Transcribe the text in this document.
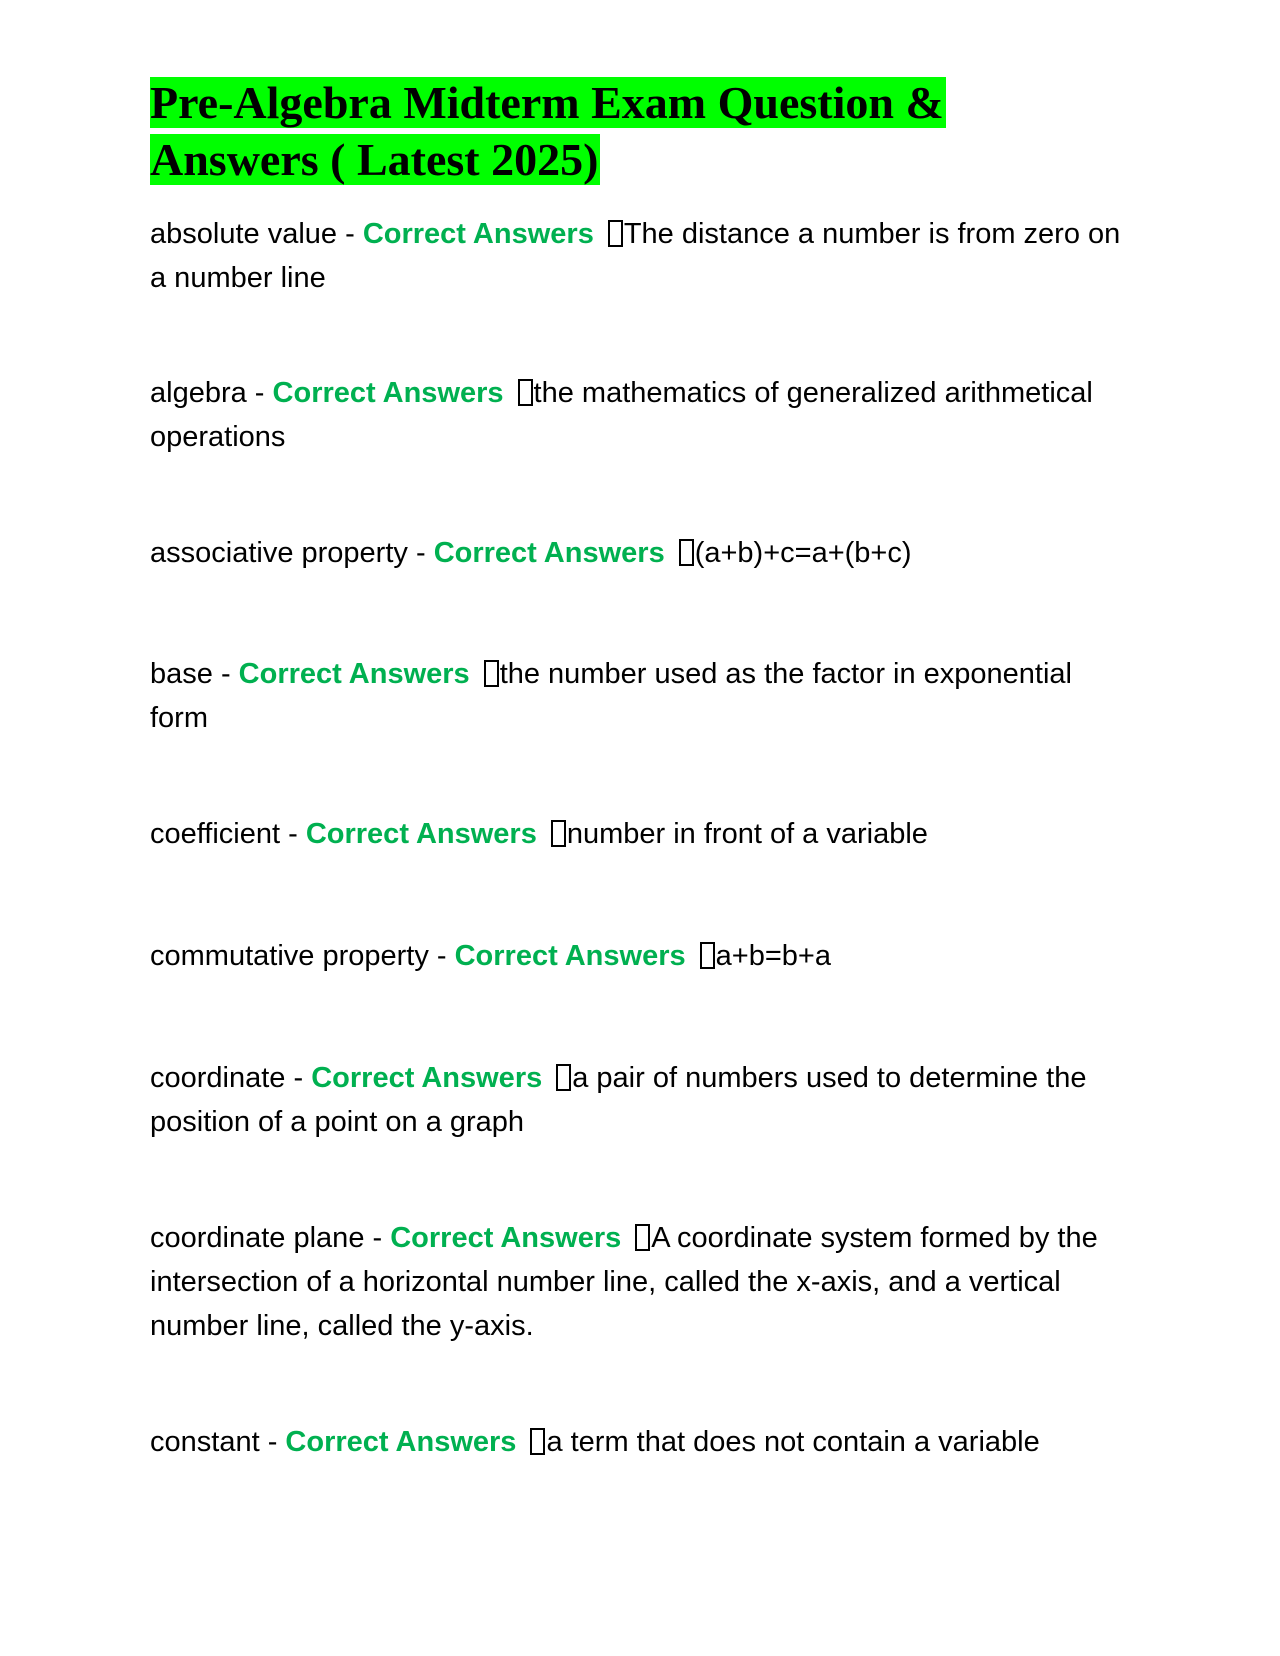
Pre-Algebra Midterm Exam Question &
Answers ( Latest 2025)

absolute value - Correct Answers The distance a number is from zero on a number line

algebra - Correct Answers the mathematics of generalized arithmetical operations

associative property - Correct Answers (a+b)+c=a+(b+c)

base - Correct Answers the number used as the factor in exponential form

coefficient - Correct Answers number in front of a variable

commutative property - Correct Answers a+b=b+a

coordinate - Correct Answers a pair of numbers used to determine the position of a point on a graph

coordinate plane - Correct Answers A coordinate system formed by the intersection of a horizontal number line, called the x-axis, and a vertical number line, called the y-axis.

constant - Correct Answers a term that does not contain a variable
